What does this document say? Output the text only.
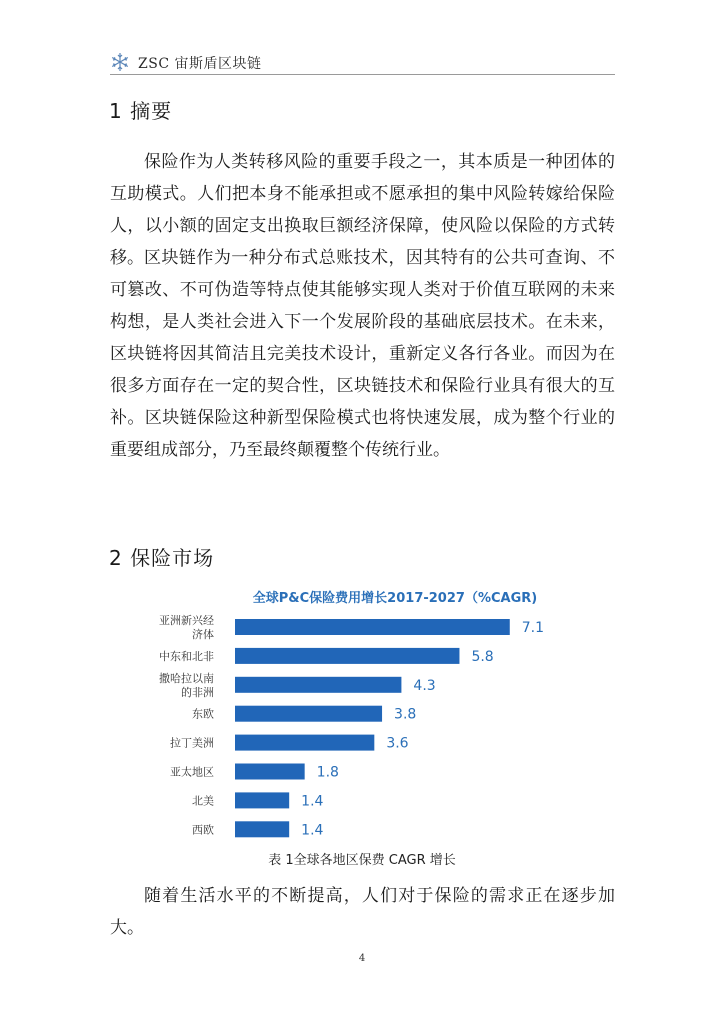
ZSC 宙斯盾区块链
1 摘要

保险作为人类转移风险的重要手段之一，其本质是一种团体的互助模式。人们把本身不能承担或不愿承担的集中风险转嫁给保险人，以小额的固定支出换取巨额经济保障，使风险以保险的方式转移。 区块链作为一种分布式总账技术，因其特有的公共可查询、不可篡改、不可伪造等特点使其能够实现人类对于价值互联网的未来构想，是人类社会进入下一个发展阶段的基础底层技术。在未来，区块链将因其简洁且完美技术设计，重新定义各行各业。而因为在很多方面存在一定的契合性，区块链技术和保险行业具有很大的互补。区块链保险这种新型保险模式也将快速发展，成为整个行业的重要组成部分，乃至最终颠覆整个传统行业。

2 保险市场
全球P&C保险费用增长2017-2027（%CAGR)
7.1
亚洲新兴经
济体
5.8
中东和北非
4.3
撒哈拉以南
的非洲
3.8
东欧
3.6
拉丁美洲
1.8
亚太地区
1.4
北美
1.4
西欧
表 1全球各地区保费 CAGR 增长

随着生活水平的不断提高，人们对于保险的需求正在逐步加大。

4
